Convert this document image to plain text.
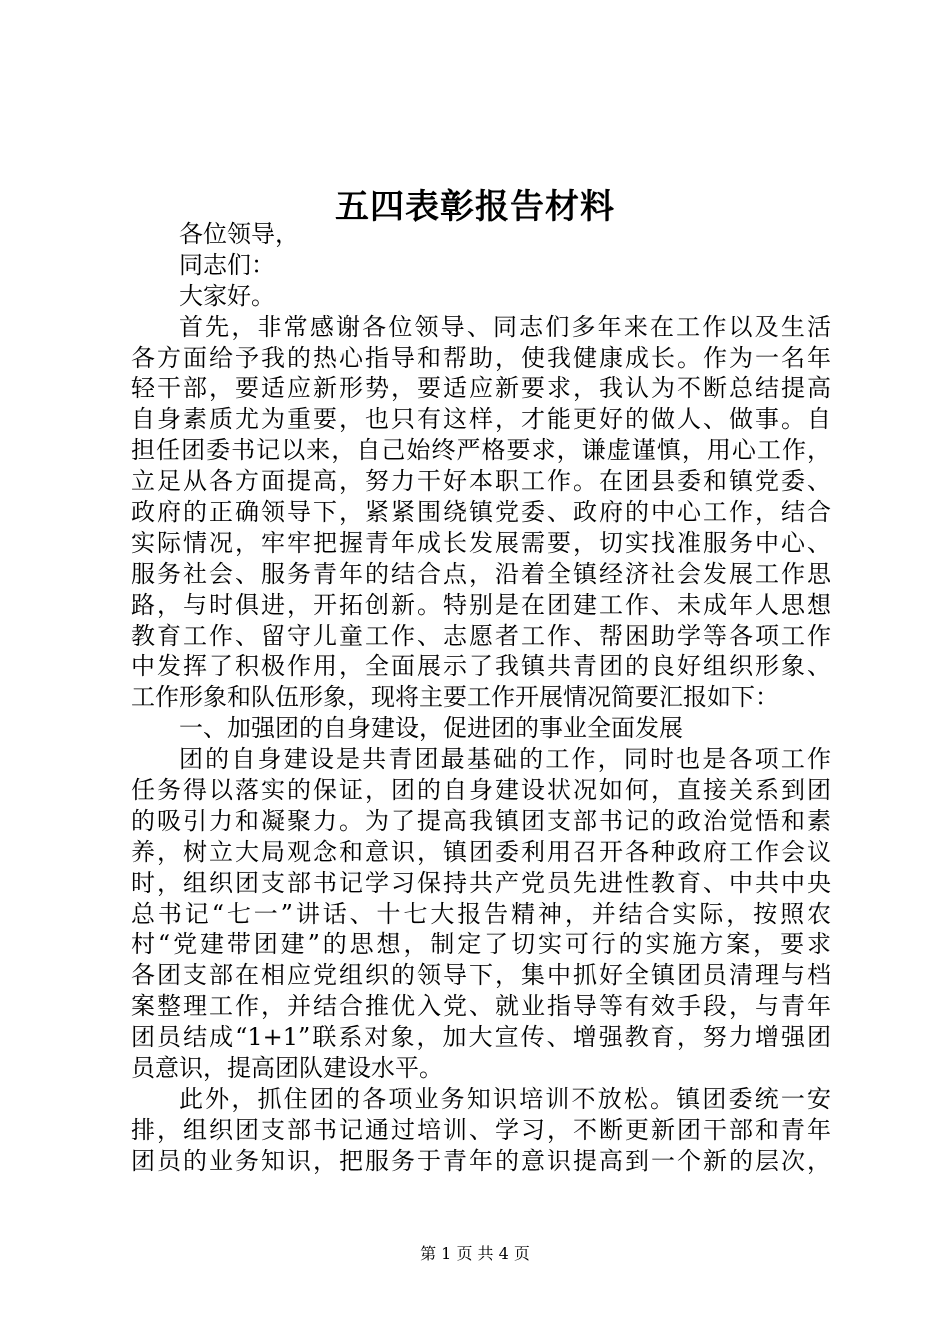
五四表彰报告材料
各位领导，
同志们：
大家好。
首先，非常感谢各位领导、同志们多年来在工作以及生活
各方面给予我的热心指导和帮助，使我健康成长。作为一名年
轻干部，要适应新形势，要适应新要求，我认为不断总结提高
自身素质尤为重要，也只有这样，才能更好的做人、做事。自
担任团委书记以来，自己始终严格要求，谦虚谨慎，用心工作，
立足从各方面提高，努力干好本职工作。在团县委和镇党委、
政府的正确领导下，紧紧围绕镇党委、政府的中心工作，结合
实际情况，牢牢把握青年成长发展需要，切实找准服务中心、
服务社会、服务青年的结合点，沿着全镇经济社会发展工作思
路，与时俱进，开拓创新。特别是在团建工作、未成年人思想
教育工作、留守儿童工作、志愿者工作、帮困助学等各项工作
中发挥了积极作用，全面展示了我镇共青团的良好组织形象、
工作形象和队伍形象，现将主要工作开展情况简要汇报如下：
一、加强团的自身建设，促进团的事业全面发展
团的自身建设是共青团最基础的工作，同时也是各项工作
任务得以落实的保证，团的自身建设状况如何，直接关系到团
的吸引力和凝聚力。为了提高我镇团支部书记的政治觉悟和素
养，树立大局观念和意识，镇团委利用召开各种政府工作会议
时，组织团支部书记学习保持共产党员先进性教育、中共中央
总书记“七一”讲话、十七大报告精神，并结合实际，按照农
村“党建带团建”的思想，制定了切实可行的实施方案，要求
各团支部在相应党组织的领导下，集中抓好全镇团员清理与档
案整理工作，并结合推优入党、就业指导等有效手段，与青年
团员结成“1+1”联系对象，加大宣传、增强教育，努力增强团
员意识，提高团队建设水平。
此外，抓住团的各项业务知识培训不放松。镇团委统一安
排，组织团支部书记通过培训、学习，不断更新团干部和青年
团员的业务知识，把服务于青年的意识提高到一个新的层次，
第 1 页 共 4 页
